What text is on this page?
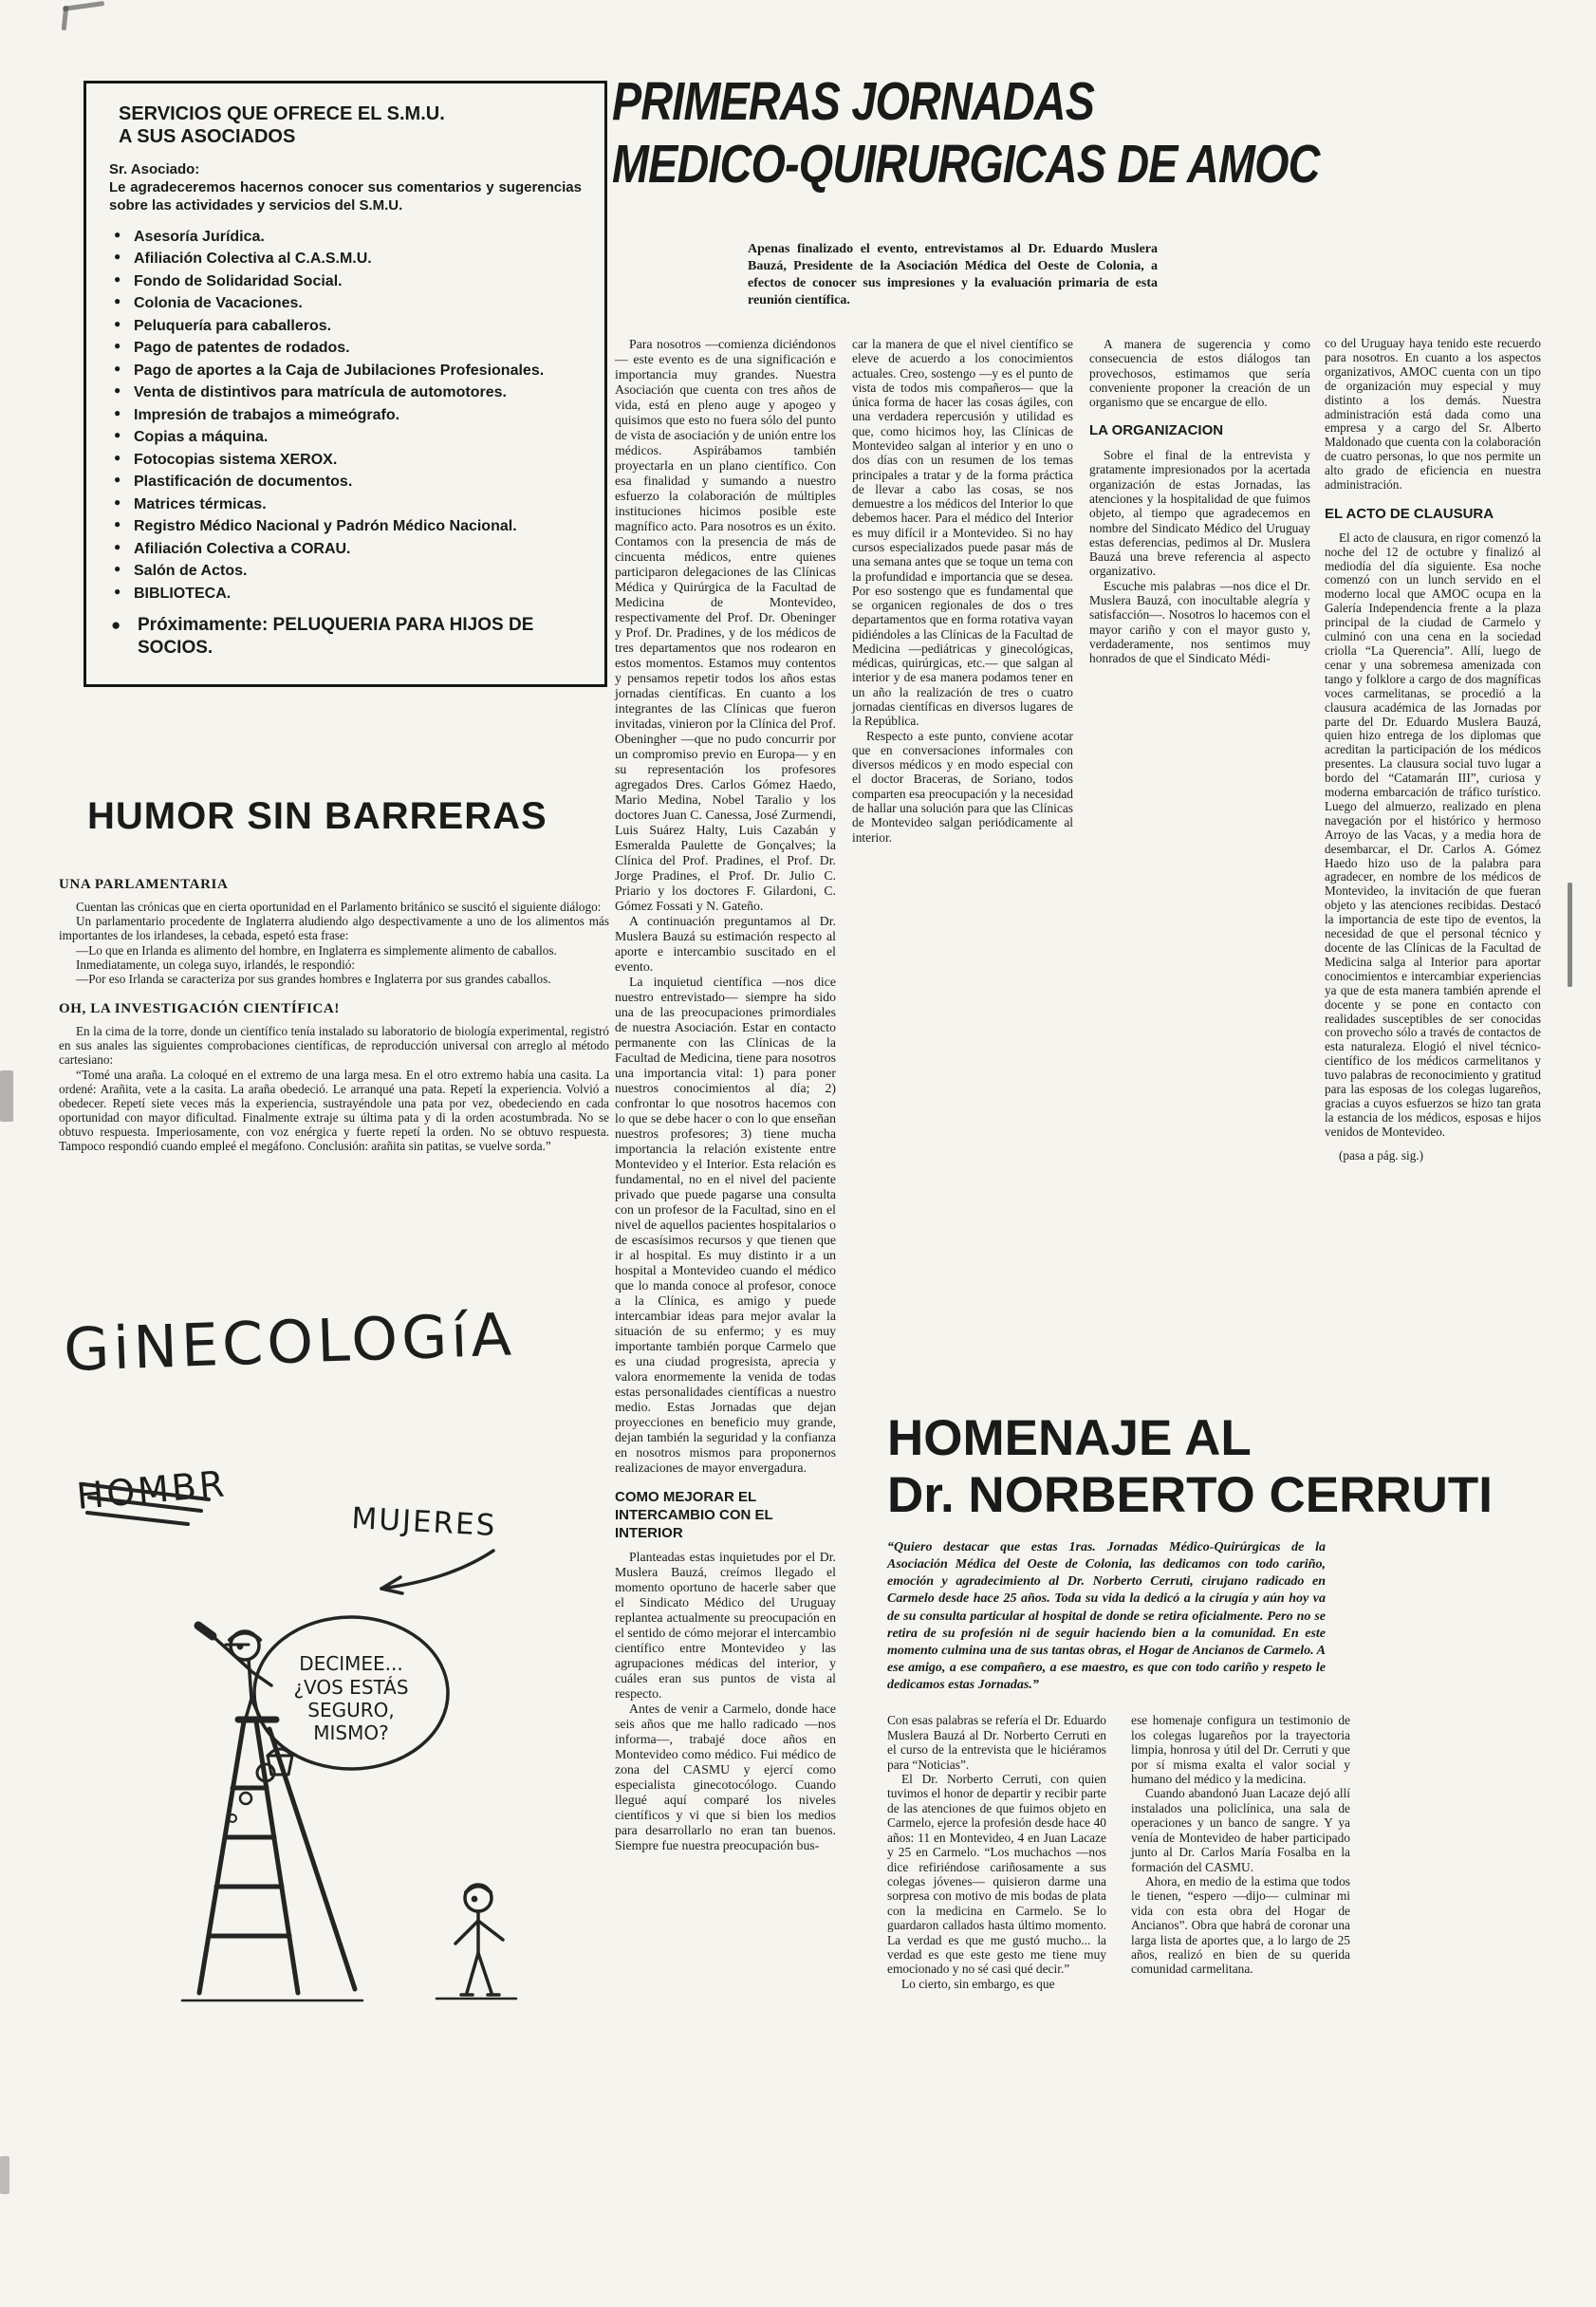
SERVICIOS QUE OFRECE EL S.M.U.
A SUS ASOCIADOS
Sr. Asociado:
Le agradeceremos hacernos conocer sus comentarios y sugerencias sobre las actividades y servicios del S.M.U.
● Asesoría Jurídica.
● Afiliación Colectiva al C.A.S.M.U.
● Fondo de Solidaridad Social.
● Colonia de Vacaciones.
● Peluquería para caballeros.
● Pago de patentes de rodados.
● Pago de aportes a la Caja de Jubilaciones Profesionales.
● Venta de distintivos para matrícula de automotores.
● Impresión de trabajos a mimeógrafo.
● Copias a máquina.
● Fotocopias sistema XEROX.
● Plastificación de documentos.
● Matrices térmicas.
● Registro Médico Nacional y Padrón Médico Nacional.
● Afiliación Colectiva a CORAU.
● Salón de Actos.
● BIBLIOTECA.
● Próximamente: PELUQUERIA PARA HIJOS DE SOCIOS.
HUMOR SIN BARRERAS
UNA PARLAMENTARIA

Cuentan las crónicas que en cierta oportunidad en el Parlamento británico se suscitó el siguiente diálogo:

Un parlamentario procedente de Inglaterra aludiendo algo despectivamente a uno de los alimentos más importantes de los irlandeses, la cebada, espetó esta frase:

—Lo que en Irlanda es alimento del hombre, en Inglaterra es simplemente alimento de caballos.

Inmediatamente, un colega suyo, irlandés, le respondió:

—Por eso Irlanda se caracteriza por sus grandes hombres e Inglaterra por sus grandes caballos.

OH, LA INVESTIGACIÓN CIENTÍFICA!

En la cima de la torre, donde un científico tenía instalado su laboratorio de biología experimental, registró en sus anales las siguientes comprobaciones científicas, de reproducción universal con arreglo al método cartesiano:

“Tomé una araña. La coloqué en el extremo de una larga mesa. En el otro extremo había una casita. La ordené: Arañita, vete a la casita. La araña obedeció. Le arranqué una pata. Repetí la experiencia. Volvió a obedecer. Repetí siete veces más la experiencia, sustrayéndole una pata por vez, obedeciendo en cada oportunidad con mayor dificultad. Finalmente extraje su última pata y di la orden acostumbrada. No se obtuvo respuesta. Imperiosamente, con voz enérgica y fuerte repetí la orden. No se obtuvo respuesta. Tampoco respondió cuando empleé el megáfono. Conclusión: arañita sin patitas, se vuelve sorda.”

GiNECOLOGíA
HOMBR
MUJERES
DECIMEE...
¿VOS ESTÁS
SEGURO,
MISMO?
PRIMERAS JORNADAS
MEDICO-QUIRURGICAS DE AMOC
Apenas finalizado el evento, entrevistamos al Dr. Eduardo Muslera Bauzá, Presidente de la Asociación Médica del Oeste de Colonia, a efectos de conocer sus impresiones y la evaluación primaria de esta reunión científica.

Para nosotros —comienza diciéndonos— este evento es de una significación e importancia muy grandes. Nuestra Asociación que cuenta con tres años de vida, está en pleno auge y apogeo y quisimos que esto no fuera sólo del punto de vista de asociación y de unión entre los médicos. Aspirábamos también proyectarla en un plano científico. Con esa finalidad y sumando a nuestro esfuerzo la colaboración de múltiples instituciones hicimos posible este magnífico acto. Para nosotros es un éxito. Contamos con la presencia de más de cincuenta médicos, entre quienes participaron delegaciones de las Clínicas Médica y Quirúrgica de la Facultad de Medicina de Montevideo, respectivamente del Prof. Dr. Obeninger y Prof. Dr. Pradines, y de los médicos de tres departamentos que nos rodearon en estos momentos. Estamos muy contentos y pensamos repetir todos los años estas jornadas científicas. En cuanto a los integrantes de las Clínicas que fueron invitadas, vinieron por la Clínica del Prof. Obeningher —que no pudo concurrir por un compromiso previo en Europa— y en su representación los profesores agregados Dres. Carlos Gómez Haedo, Mario Medina, Nobel Taralio y los doctores Juan C. Canessa, José Zurmendi, Luis Suárez Halty, Luis Cazabán y Esmeralda Paulette de Gonçalves; la Clínica del Prof. Pradines, el Prof. Dr. Jorge Pradines, el Prof. Dr. Julio C. Priario y los doctores F. Gilardoni, C. Gómez Fossati y N. Gateño.

A continuación preguntamos al Dr. Muslera Bauzá su estimación respecto al aporte e intercambio suscitado en el evento.

La inquietud científica —nos dice nuestro entrevistado— siempre ha sido una de las preocupaciones primordiales de nuestra Asociación. Estar en contacto permanente con las Clínicas de la Facultad de Medicina, tiene para nosotros una importancia vital: 1) para poner nuestros conocimientos al día; 2) confrontar lo que nosotros hacemos con lo que se debe hacer o con lo que enseñan nuestros profesores; 3) tiene mucha importancia la relación existente entre Montevideo y el Interior. Esta relación es fundamental, no en el nivel del paciente privado que puede pagarse una consulta con un profesor de la Facultad, sino en el nivel de aquellos pacientes hospitalarios o de escasísimos recursos y que tienen que ir al hospital. Es muy distinto ir a un hospital a Montevideo cuando el médico que lo manda conoce al profesor, conoce a la Clínica, es amigo y puede intercambiar ideas para mejor avalar la situación de su enfermo; y es muy importante también porque Carmelo que es una ciudad progresista, aprecia y valora enormemente la venida de todas estas personalidades científicas a nuestro medio. Estas Jornadas que dejan proyecciones en beneficio muy grande, dejan también la seguridad y la confianza en nosotros mismos para proponernos realizaciones de mayor envergadura.

COMO MEJORAR EL INTERCAMBIO CON EL INTERIOR

Planteadas estas inquietudes por el Dr. Muslera Bauzá, creímos llegado el momento oportuno de hacerle saber que el Sindicato Médico del Uruguay replantea actualmente su preocupación en el sentido de cómo mejorar el intercambio científico entre Montevideo y las agrupaciones médicas del interior, y cuáles eran sus puntos de vista al respecto.

Antes de venir a Carmelo, donde hace seis años que me hallo radicado —nos informa—, trabajé doce años en Montevideo como médico. Fui médico de zona del CASMU y ejercí como especialista ginecotocólogo. Cuando llegué aquí comparé los niveles científicos y vi que si bien los medios para desarrollarlo no eran tan buenos. Siempre fue nuestra preocupación bus-

car la manera de que el nivel científico se eleve de acuerdo a los conocimientos actuales. Creo, sostengo —y es el punto de vista de todos mis compañeros— que la única forma de hacer las cosas ágiles, con una verdadera repercusión y utilidad es que, como hicimos hoy, las Clínicas de Montevideo salgan al interior y en uno o dos días con un resumen de los temas principales a tratar y de la forma práctica de llevar a cabo las cosas, se nos demuestre a los médicos del Interior lo que debemos hacer. Para el médico del Interior es muy difícil ir a Montevideo. Si no hay cursos especializados puede pasar más de una semana antes que se toque un tema con la profundidad e importancia que se desea. Por eso sostengo que es fundamental que se organicen regionales de dos o tres departamentos que en forma rotativa vayan pidiéndoles a las Clínicas de la Facultad de Medicina —pediátricas y ginecológicas, médicas, quirúrgicas, etc.— que salgan al interior y de esa manera podamos tener en un año la realización de tres o cuatro jornadas científicas en diversos lugares de la República.

Respecto a este punto, conviene acotar que en conversaciones informales con diversos médicos y en modo especial con el doctor Braceras, de Soriano, todos comparten esa preocupación y la necesidad de hallar una solución para que las Clínicas de Montevideo salgan periódicamente al interior.

A manera de sugerencia y como consecuencia de estos diálogos tan provechosos, estimamos que sería conveniente proponer la creación de un organismo que se encargue de ello.

LA ORGANIZACION

Sobre el final de la entrevista y gratamente impresionados por la acertada organización de estas Jornadas, las atenciones y la hospitalidad de que fuimos objeto, al tiempo que agradecemos en nombre del Sindicato Médico del Uruguay estas deferencias, pedimos al Dr. Muslera Bauzá una breve referencia al aspecto organizativo.

Escuche mis palabras —nos dice el Dr. Muslera Bauzá, con inocultable alegría y satisfacción—. Nosotros lo hacemos con el mayor cariño y con el mayor gusto y, verdaderamente, nos sentimos muy honrados de que el Sindicato Médi-

co del Uruguay haya tenido este recuerdo para nosotros. En cuanto a los aspectos organizativos, AMOC cuenta con un tipo de organización muy especial y muy distinto a los demás. Nuestra administración está dada como una empresa y a cargo del Sr. Alberto Maldonado que cuenta con la colaboración de cuatro personas, lo que nos permite un alto grado de eficiencia en nuestra administración.

EL ACTO DE CLAUSURA

El acto de clausura, en rigor comenzó la noche del 12 de octubre y finalizó al mediodía del día siguiente. Esa noche comenzó con un lunch servido en el moderno local que AMOC ocupa en la Galería Independencia frente a la plaza principal de la ciudad de Carmelo y culminó con una cena en la sociedad criolla “La Querencia”. Allí, luego de cenar y una sobremesa amenizada con tango y folklore a cargo de dos magníficas voces carmelitanas, se procedió a la clausura académica de las Jornadas por parte del Dr. Eduardo Muslera Bauzá, quien hizo entrega de los diplomas que acreditan la participación de los médicos presentes. La clausura social tuvo lugar a bordo del “Catamarán III”, curiosa y moderna embarcación de tráfico turístico. Luego del almuerzo, realizado en plena navegación por el histórico y hermoso Arroyo de las Vacas, y a media hora de desembarcar, el Dr. Carlos A. Gómez Haedo hizo uso de la palabra para agradecer, en nombre de los médicos de Montevideo, la invitación de que fueran objeto y las atenciones recibidas. Destacó la importancia de este tipo de eventos, la necesidad de que el personal técnico y docente de las Clínicas de la Facultad de Medicina salga al Interior para aportar conocimientos e intercambiar experiencias ya que de esta manera también aprende el docente y se pone en contacto con realidades susceptibles de ser conocidas con provecho sólo a través de contactos de esta naturaleza. Elogió el nivel técnico-científico de los médicos carmelitanos y tuvo palabras de reconocimiento y gratitud para las esposas de los colegas lugareños, gracias a cuyos esfuerzos se hizo tan grata la estancia de los médicos, esposas e hijos venidos de Montevideo.

(pasa a pág. sig.)

HOMENAJE AL
Dr. NORBERTO CERRUTI
“Quiero destacar que estas 1ras. Jornadas Médico-Quirúrgicas de la Asociación Médica del Oeste de Colonia, las dedicamos con todo cariño, emoción y agradecimiento al Dr. Norberto Cerruti, cirujano radicado en Carmelo desde hace 25 años. Toda su vida la dedicó a la cirugía y aún hoy va de su consulta particular al hospital de donde se retira oficialmente. Pero no se retira de su profesión ni de seguir haciendo bien a la comunidad. En este momento culmina una de sus tantas obras, el Hogar de Ancianos de Carmelo. A ese amigo, a ese compañero, a ese maestro, es que con todo cariño y respeto le dedicamos estas Jornadas.”

Con esas palabras se refería el Dr. Eduardo Muslera Bauzá al Dr. Norberto Cerruti en el curso de la entrevista que le hiciéramos para “Noticias”.

El Dr. Norberto Cerruti, con quien tuvimos el honor de departir y recibir parte de las atenciones de que fuimos objeto en Carmelo, ejerce la profesión desde hace 40 años: 11 en Montevideo, 4 en Juan Lacaze y 25 en Carmelo. “Los muchachos —nos dice refiriéndose cariñosamente a sus colegas jóvenes— quisieron darme una sorpresa con motivo de mis bodas de plata con la medicina en Carmelo. Se lo guardaron callados hasta último momento. La verdad es que me gustó mucho... la verdad es que este gesto me tiene muy emocionado y no sé casi qué decir.”

Lo cierto, sin embargo, es que

ese homenaje configura un testimonio de los colegas lugareños por la trayectoria limpia, honrosa y útil del Dr. Cerruti y que por sí misma exalta el valor social y humano del médico y la medicina.

Cuando abandonó Juan Lacaze dejó allí instalados una policlínica, una sala de operaciones y un banco de sangre. Y ya venía de Montevideo de haber participado junto al Dr. Carlos María Fosalba en la formación del CASMU.

Ahora, en medio de la estima que todos le tienen, “espero —dijo— culminar mi vida con esta obra del Hogar de Ancianos”. Obra que habrá de coronar una larga lista de aportes que, a lo largo de 25 años, realizó en bien de su querida comunidad carmelitana.
